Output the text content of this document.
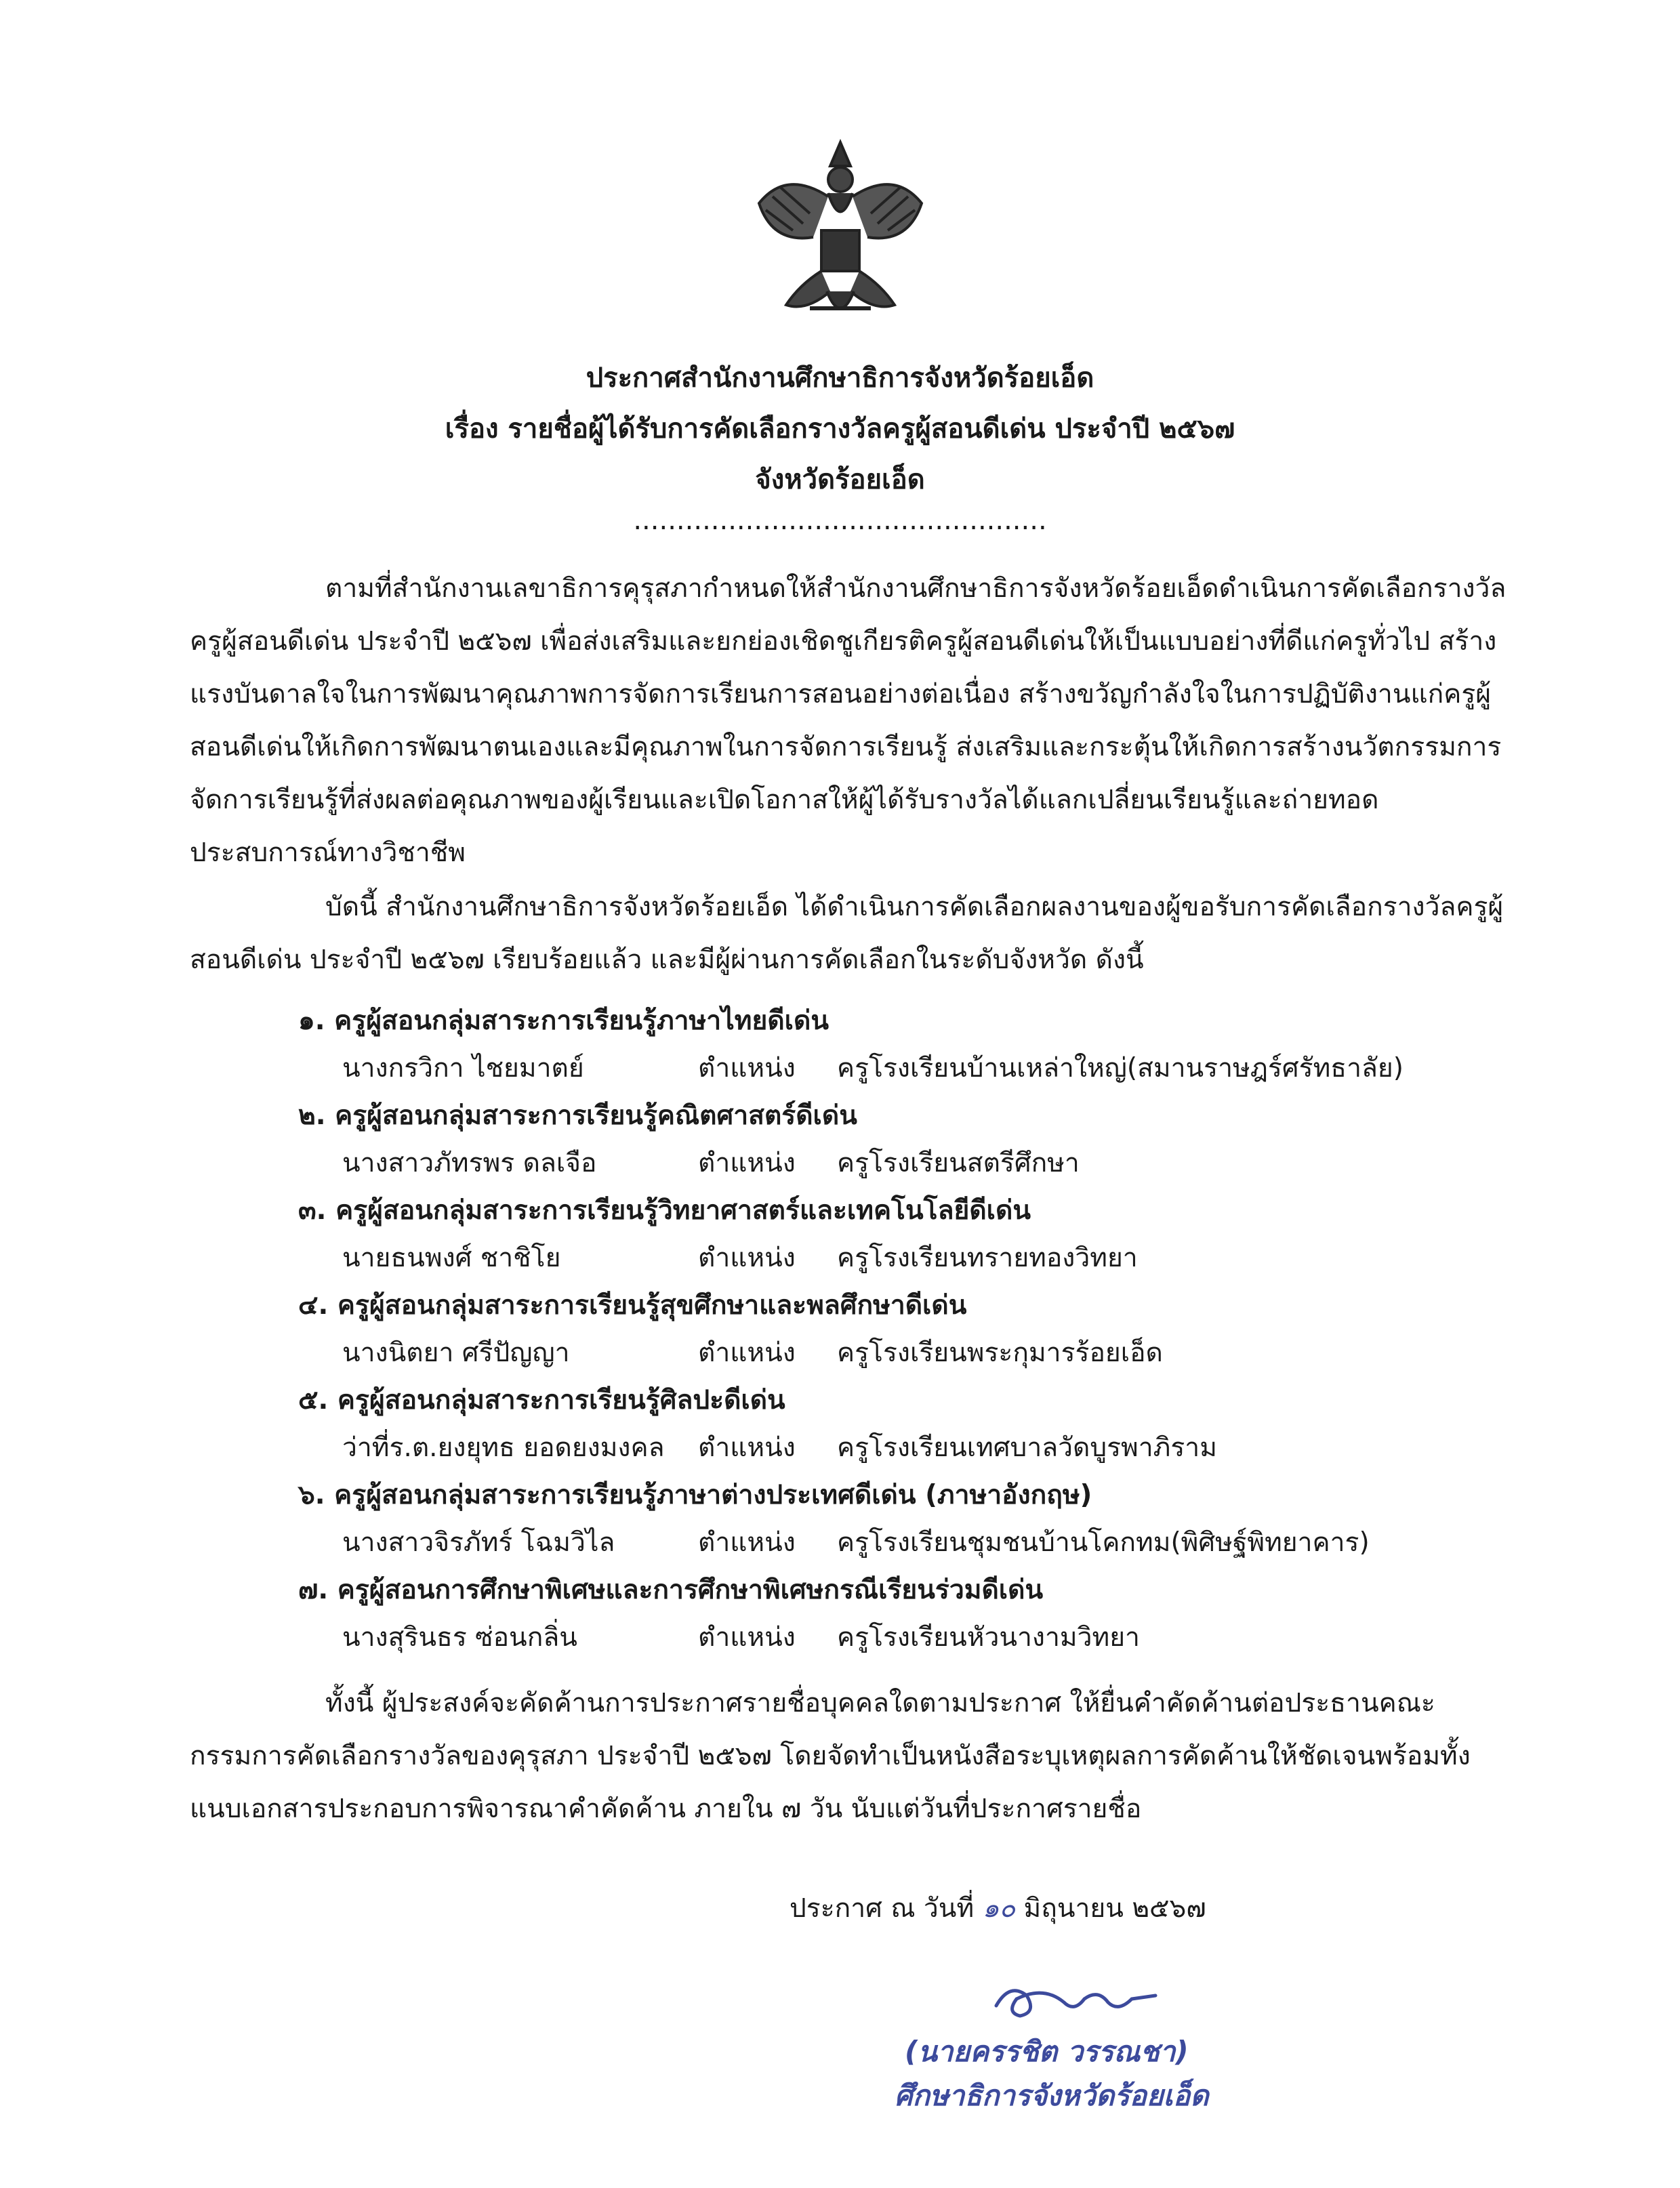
ประกาศสำนักงานศึกษาธิการจังหวัดร้อยเอ็ด
เรื่อง รายชื่อผู้ได้รับการคัดเลือกรางวัลครูผู้สอนดีเด่น ประจำปี ๒๕๖๗
จังหวัดร้อยเอ็ด
................................................

ตามที่สำนักงานเลขาธิการคุรุสภากำหนดให้สำนักงานศึกษาธิการจังหวัดร้อยเอ็ดดำเนินการคัดเลือกรางวัลครูผู้สอนดีเด่น ประจำปี ๒๕๖๗ เพื่อส่งเสริมและยกย่องเชิดชูเกียรติครูผู้สอนดีเด่นให้เป็นแบบอย่างที่ดีแก่ครูทั่วไป สร้างแรงบันดาลใจในการพัฒนาคุณภาพการจัดการเรียนการสอนอย่างต่อเนื่อง สร้างขวัญกำลังใจในการปฏิบัติงานแก่ครูผู้สอนดีเด่นให้เกิดการพัฒนาตนเองและมีคุณภาพในการจัดการเรียนรู้ ส่งเสริมและกระตุ้นให้เกิดการสร้างนวัตกรรมการจัดการเรียนรู้ที่ส่งผลต่อคุณภาพของผู้เรียนและเปิดโอกาสให้ผู้ได้รับรางวัลได้แลกเปลี่ยนเรียนรู้และถ่ายทอดประสบการณ์ทางวิชาชีพ

บัดนี้ สำนักงานศึกษาธิการจังหวัดร้อยเอ็ด ได้ดำเนินการคัดเลือกผลงานของผู้ขอรับการคัดเลือกรางวัลครูผู้สอนดีเด่น ประจำปี ๒๕๖๗ เรียบร้อยแล้ว และมีผู้ผ่านการคัดเลือกในระดับจังหวัด ดังนี้

๑. ครูผู้สอนกลุ่มสาระการเรียนรู้ภาษาไทยดีเด่น
นางกรวิกา ไชยมาตย์	ตำแหน่ง ครูโรงเรียนบ้านเหล่าใหญ่(สมานราษฎร์ศรัทธาลัย)
๒. ครูผู้สอนกลุ่มสาระการเรียนรู้คณิตศาสตร์ดีเด่น
นางสาวภัทรพร ดลเจือ	ตำแหน่ง ครูโรงเรียนสตรีศึกษา
๓. ครูผู้สอนกลุ่มสาระการเรียนรู้วิทยาศาสตร์และเทคโนโลยีดีเด่น
นายธนพงศ์ ชาชิโย	ตำแหน่ง ครูโรงเรียนทรายทองวิทยา
๔. ครูผู้สอนกลุ่มสาระการเรียนรู้สุขศึกษาและพลศึกษาดีเด่น
นางนิตยา ศรีปัญญา	ตำแหน่ง ครูโรงเรียนพระกุมารร้อยเอ็ด
๕. ครูผู้สอนกลุ่มสาระการเรียนรู้ศิลปะดีเด่น
ว่าที่ร.ต.ยงยุทธ ยอดยงมงคล ตำแหน่ง ครูโรงเรียนเทศบาลวัดบูรพาภิราม
๖. ครูผู้สอนกลุ่มสาระการเรียนรู้ภาษาต่างประเทศดีเด่น (ภาษาอังกฤษ)
นางสาวจิรภัทร์ โฉมวิไล	ตำแหน่ง ครูโรงเรียนชุมชนบ้านโคกทม(พิศิษฐ์พิทยาคาร)
๗. ครูผู้สอนการศึกษาพิเศษและการศึกษาพิเศษกรณีเรียนร่วมดีเด่น
นางสุรินธร ซ่อนกลิ่น	ตำแหน่ง ครูโรงเรียนหัวนางามวิทยา

ทั้งนี้ ผู้ประสงค์จะคัดค้านการประกาศรายชื่อบุคคลใดตามประกาศ ให้ยื่นคำคัดค้านต่อประธานคณะกรรมการคัดเลือกรางวัลของคุรุสภา ประจำปี ๒๕๖๗ โดยจัดทำเป็นหนังสือระบุเหตุผลการคัดค้านให้ชัดเจนพร้อมทั้งแนบเอกสารประกอบการพิจารณาคำคัดค้าน ภายใน ๗ วัน นับแต่วันที่ประกาศรายชื่อ

ประกาศ ณ วันที่ ๑๐ มิถุนายน ๒๕๖๗
(นายครรชิต วรรณชา)
ศึกษาธิการจังหวัดร้อยเอ็ด
